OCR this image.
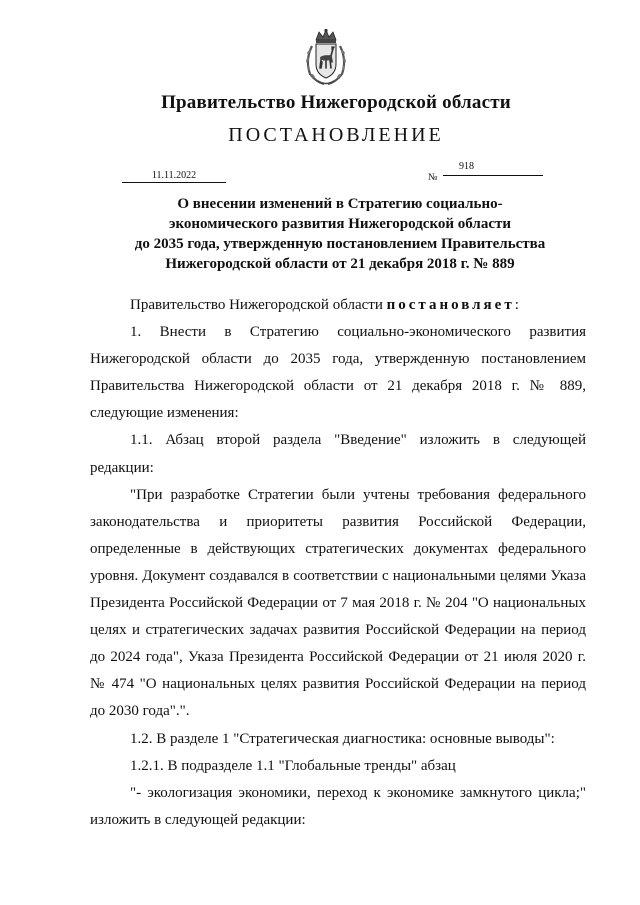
Правительство Нижегородской области
ПОСТАНОВЛЕНИЕ
11.11.2022	№
918
О внесении изменений в Стратегию социально-
экономического развития Нижегородской области
до 2035 года, утвержденную постановлением Правительства
Нижегородской области от 21 декабря 2018 г. № 889

Правительство Нижегородской области постановляет:

1. Внести в Стратегию социально-экономического развития Нижегородской области до 2035 года, утвержденную постановлением Правительства Нижегородской области от 21 декабря 2018 г. № 889, следующие изменения:

1.1. Абзац второй раздела "Введение" изложить в следующей редакции:

"При разработке Стратегии были учтены требования федерального законодательства и приоритеты развития Российской Федерации, определенные в действующих стратегических документах федерального уровня. Документ создавался в соответствии с национальными целями Указа Президента Российской Федерации от 7 мая 2018 г. № 204 "О национальных целях и стратегических задачах развития Российской Федерации на период до 2024 года", Указа Президента Российской Федерации от 21 июля 2020 г. № 474 "О национальных целях развития Российской Федерации на период до 2030 года".".

1.2. В разделе 1 "Стратегическая диагностика: основные выводы":

1.2.1. В подразделе 1.1 "Глобальные тренды" абзац

"- экологизация экономики, переход к экономике замкнутого цикла;" изложить в следующей редакции:
